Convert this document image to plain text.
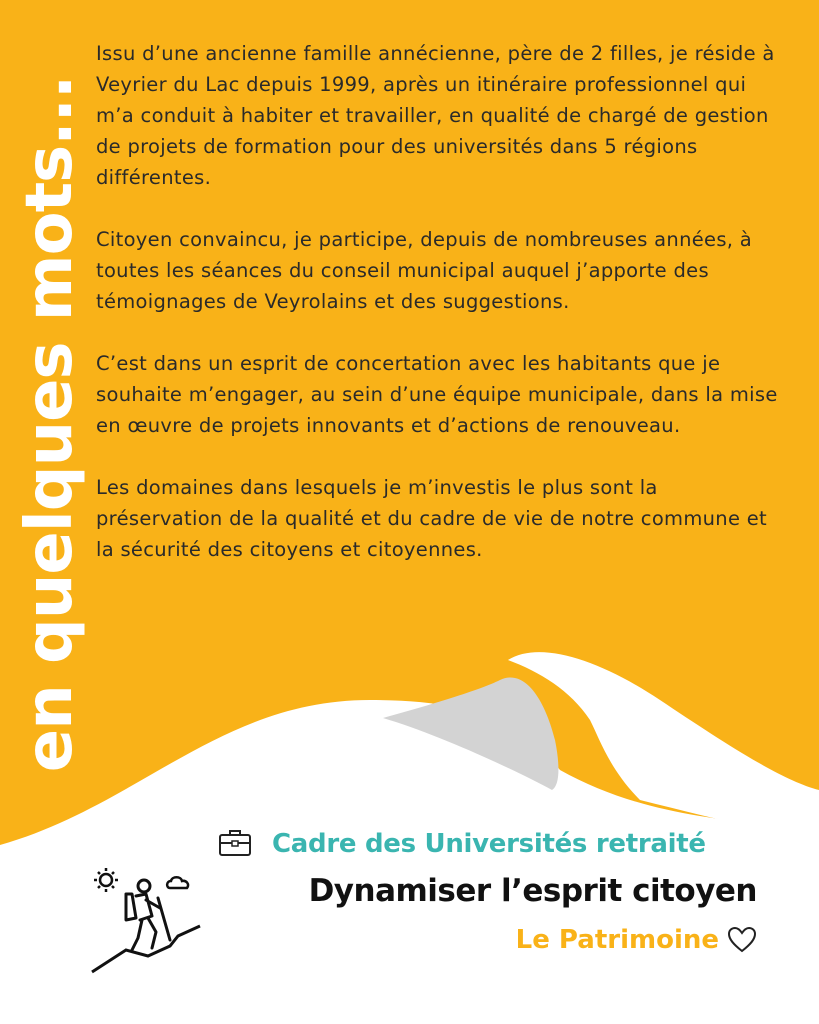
en quelques mots...

Issu d’une ancienne famille annécienne, père de 2 filles, je réside à Veyrier du Lac depuis 1999, après un itinéraire professionnel qui m’a conduit à habiter et travailler, en qualité de chargé de gestion de projets de formation pour des universités dans 5 régions différentes.

Citoyen convaincu, je participe, depuis de nombreuses années, à toutes les séances du conseil municipal auquel j’apporte des témoignages de Veyrolains et des suggestions.

C’est dans un esprit de concertation avec les habitants que je souhaite m’engager, au sein d’une équipe municipale, dans la mise en œuvre de projets innovants et d’actions de renouveau.

Les domaines dans lesquels je m’investis le plus sont la préservation de la qualité et du cadre de vie de notre commune et la sécurité des citoyens et citoyennes.

Cadre des Universités retraité
Dynamiser l’esprit citoyen
Le Patrimoine
